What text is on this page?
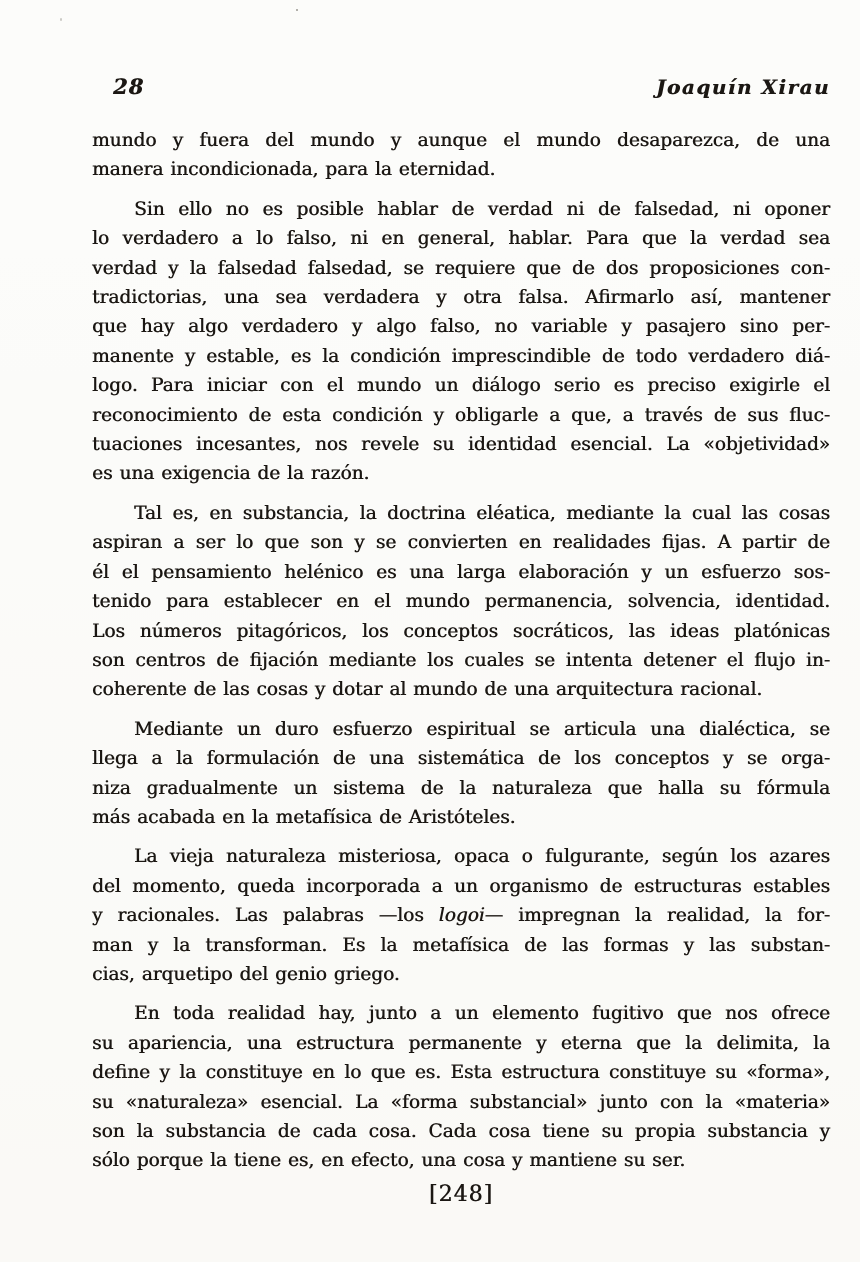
28	Joaquín Xirau

mundo y fuera del mundo y aunque el mundo desaparezca, de una
manera incondicionada, para la eternidad.

Sin ello no es posible hablar de verdad ni de falsedad, ni oponer
lo verdadero a lo falso, ni en general, hablar. Para que la verdad sea
verdad y la falsedad falsedad, se requiere que de dos proposiciones con-
tradictorias, una sea verdadera y otra falsa. Afirmarlo así, mantener
que hay algo verdadero y algo falso, no variable y pasajero sino per-
manente y estable, es la condición imprescindible de todo verdadero diá-
logo. Para iniciar con el mundo un diálogo serio es preciso exigirle el
reconocimiento de esta condición y obligarle a que, a través de sus fluc-
tuaciones incesantes, nos revele su identidad esencial. La «objetividad»
es una exigencia de la razón.

Tal es, en substancia, la doctrina eléatica, mediante la cual las cosas
aspiran a ser lo que son y se convierten en realidades fijas. A partir de
él el pensamiento helénico es una larga elaboración y un esfuerzo sos-
tenido para establecer en el mundo permanencia, solvencia, identidad.
Los números pitagóricos, los conceptos socráticos, las ideas platónicas
son centros de fijación mediante los cuales se intenta detener el flujo in-
coherente de las cosas y dotar al mundo de una arquitectura racional.

Mediante un duro esfuerzo espiritual se articula una dialéctica, se
llega a la formulación de una sistemática de los conceptos y se orga-
niza gradualmente un sistema de la naturaleza que halla su fórmula
más acabada en la metafísica de Aristóteles.

La vieja naturaleza misteriosa, opaca o fulgurante, según los azares
del momento, queda incorporada a un organismo de estructuras estables
y racionales. Las palabras —los logoi— impregnan la realidad, la for-
man y la transforman. Es la metafísica de las formas y las substan-
cias, arquetipo del genio griego.

En toda realidad hay, junto a un elemento fugitivo que nos ofrece
su apariencia, una estructura permanente y eterna que la delimita, la
define y la constituye en lo que es. Esta estructura constituye su «forma»,
su «naturaleza» esencial. La «forma substancial» junto con la «materia»
son la substancia de cada cosa. Cada cosa tiene su propia substancia y
sólo porque la tiene es, en efecto, una cosa y mantiene su ser.

[248]
